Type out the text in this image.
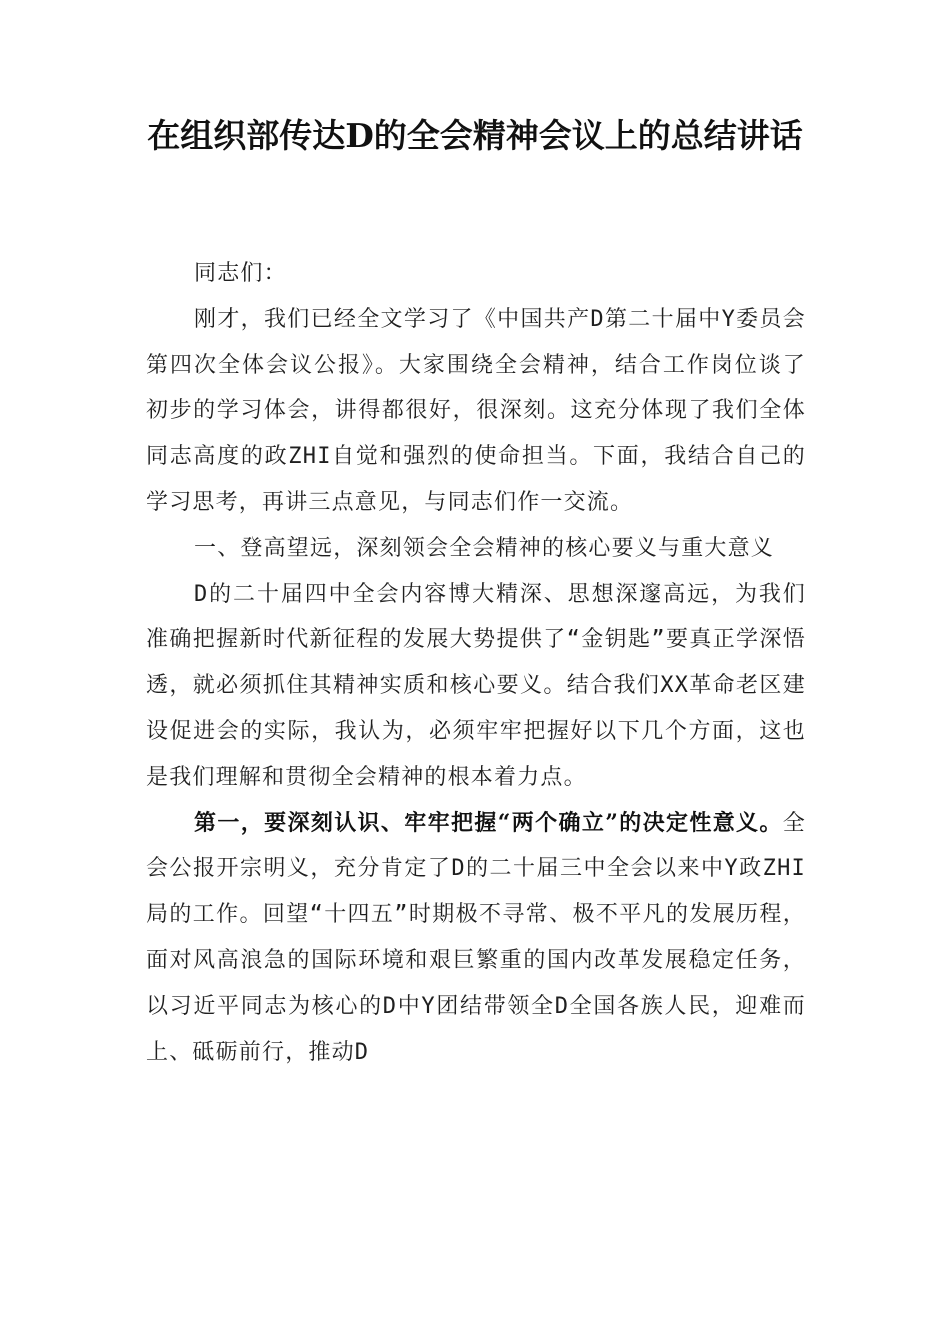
在组织部传达D的全会精神会议上的总结讲话

同志们：

刚才，我们已经全文学习了《中国共产D第二十届中Y委员会第四次全体会议公报》。大家围绕全会精神，结合工作岗位谈了初步的学习体会，讲得都很好，很深刻。这充分体现了我们全体同志高度的政ZHI自觉和强烈的使命担当。下面，我结合自己的学习思考，再讲三点意见，与同志们作一交流。

一、登高望远，深刻领会全会精神的核心要义与重大意义

D的二十届四中全会内容博大精深、思想深邃高远，为我们准确把握新时代新征程的发展大势提供了“金钥匙”要真正学深悟透，就必须抓住其精神实质和核心要义。结合我们XX革命老区建设促进会的实际，我认为，必须牢牢把握好以下几个方面，这也是我们理解和贯彻全会精神的根本着力点。

第一，要深刻认识、牢牢把握“两个确立”的决定性意义。全会公报开宗明义，充分肯定了D的二十届三中全会以来中Y政ZHI局的工作。回望“十四五”时期极不寻常、极不平凡的发展历程，面对风高浪急的国际环境和艰巨繁重的国内改革发展稳定任务，以习近平同志为核心的D中Y团结带领全D全国各族人民，迎难而上、砥砺前行，推动D
